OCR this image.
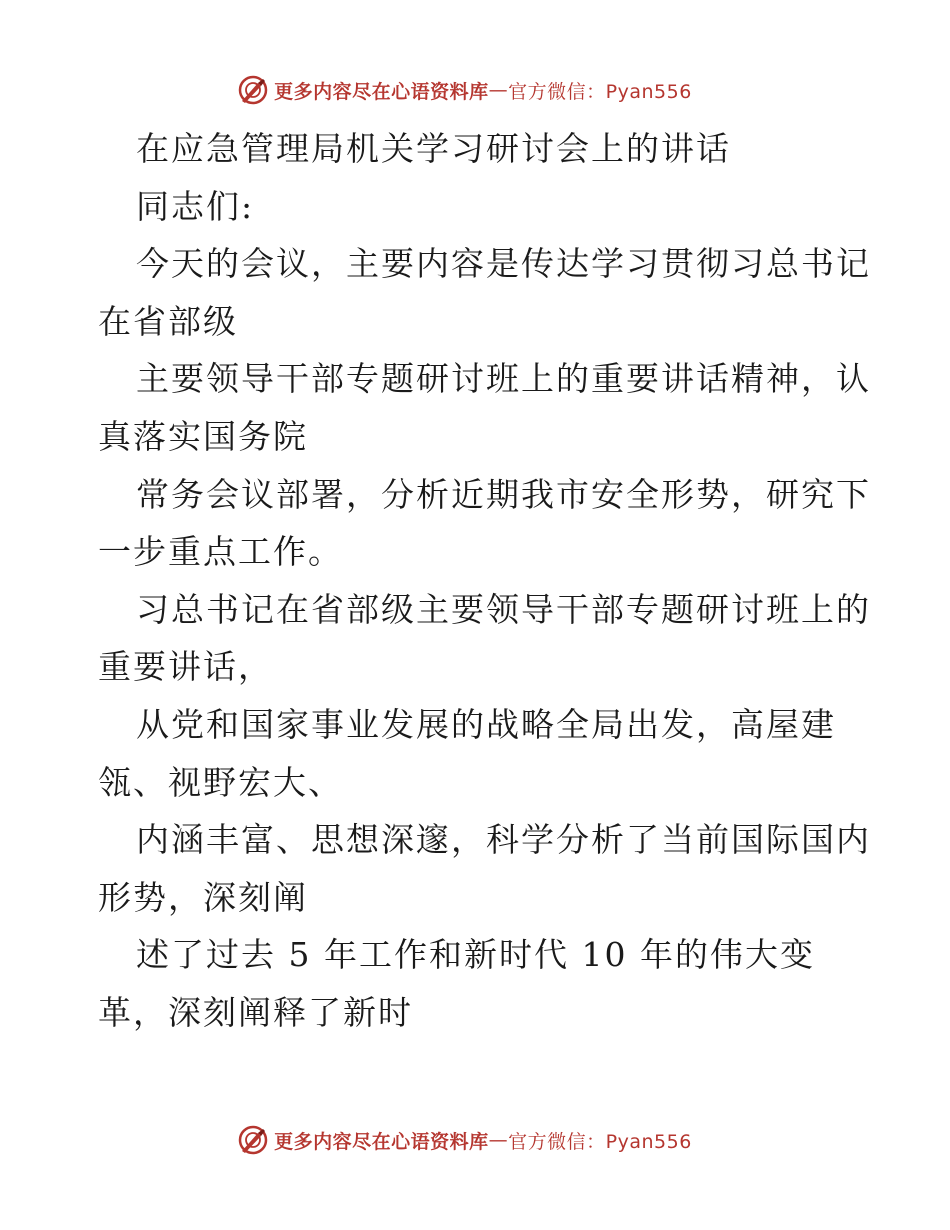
更多内容尽在心语资料库 — 官方微信：Pyan556
在应急管理局机关学习研讨会上的讲话
同志们:
今天的会议，主要内容是传达学习贯彻习总书记
在省部级
主要领导干部专题研讨班上的重要讲话精神，认
真落实国务院
常务会议部署，分析近期我市安全形势，研究下
一步重点工作。
习总书记在省部级主要领导干部专题研讨班上的
重要讲话，
从党和国家事业发展的战略全局出发，高屋建
瓴、视野宏大、
内涵丰富、思想深邃，科学分析了当前国际国内
形势，深刻阐
述了过去 5 年工作和新时代 10 年的伟大变
革，深刻阐释了新时
更多内容尽在心语资料库 — 官方微信：Pyan556
